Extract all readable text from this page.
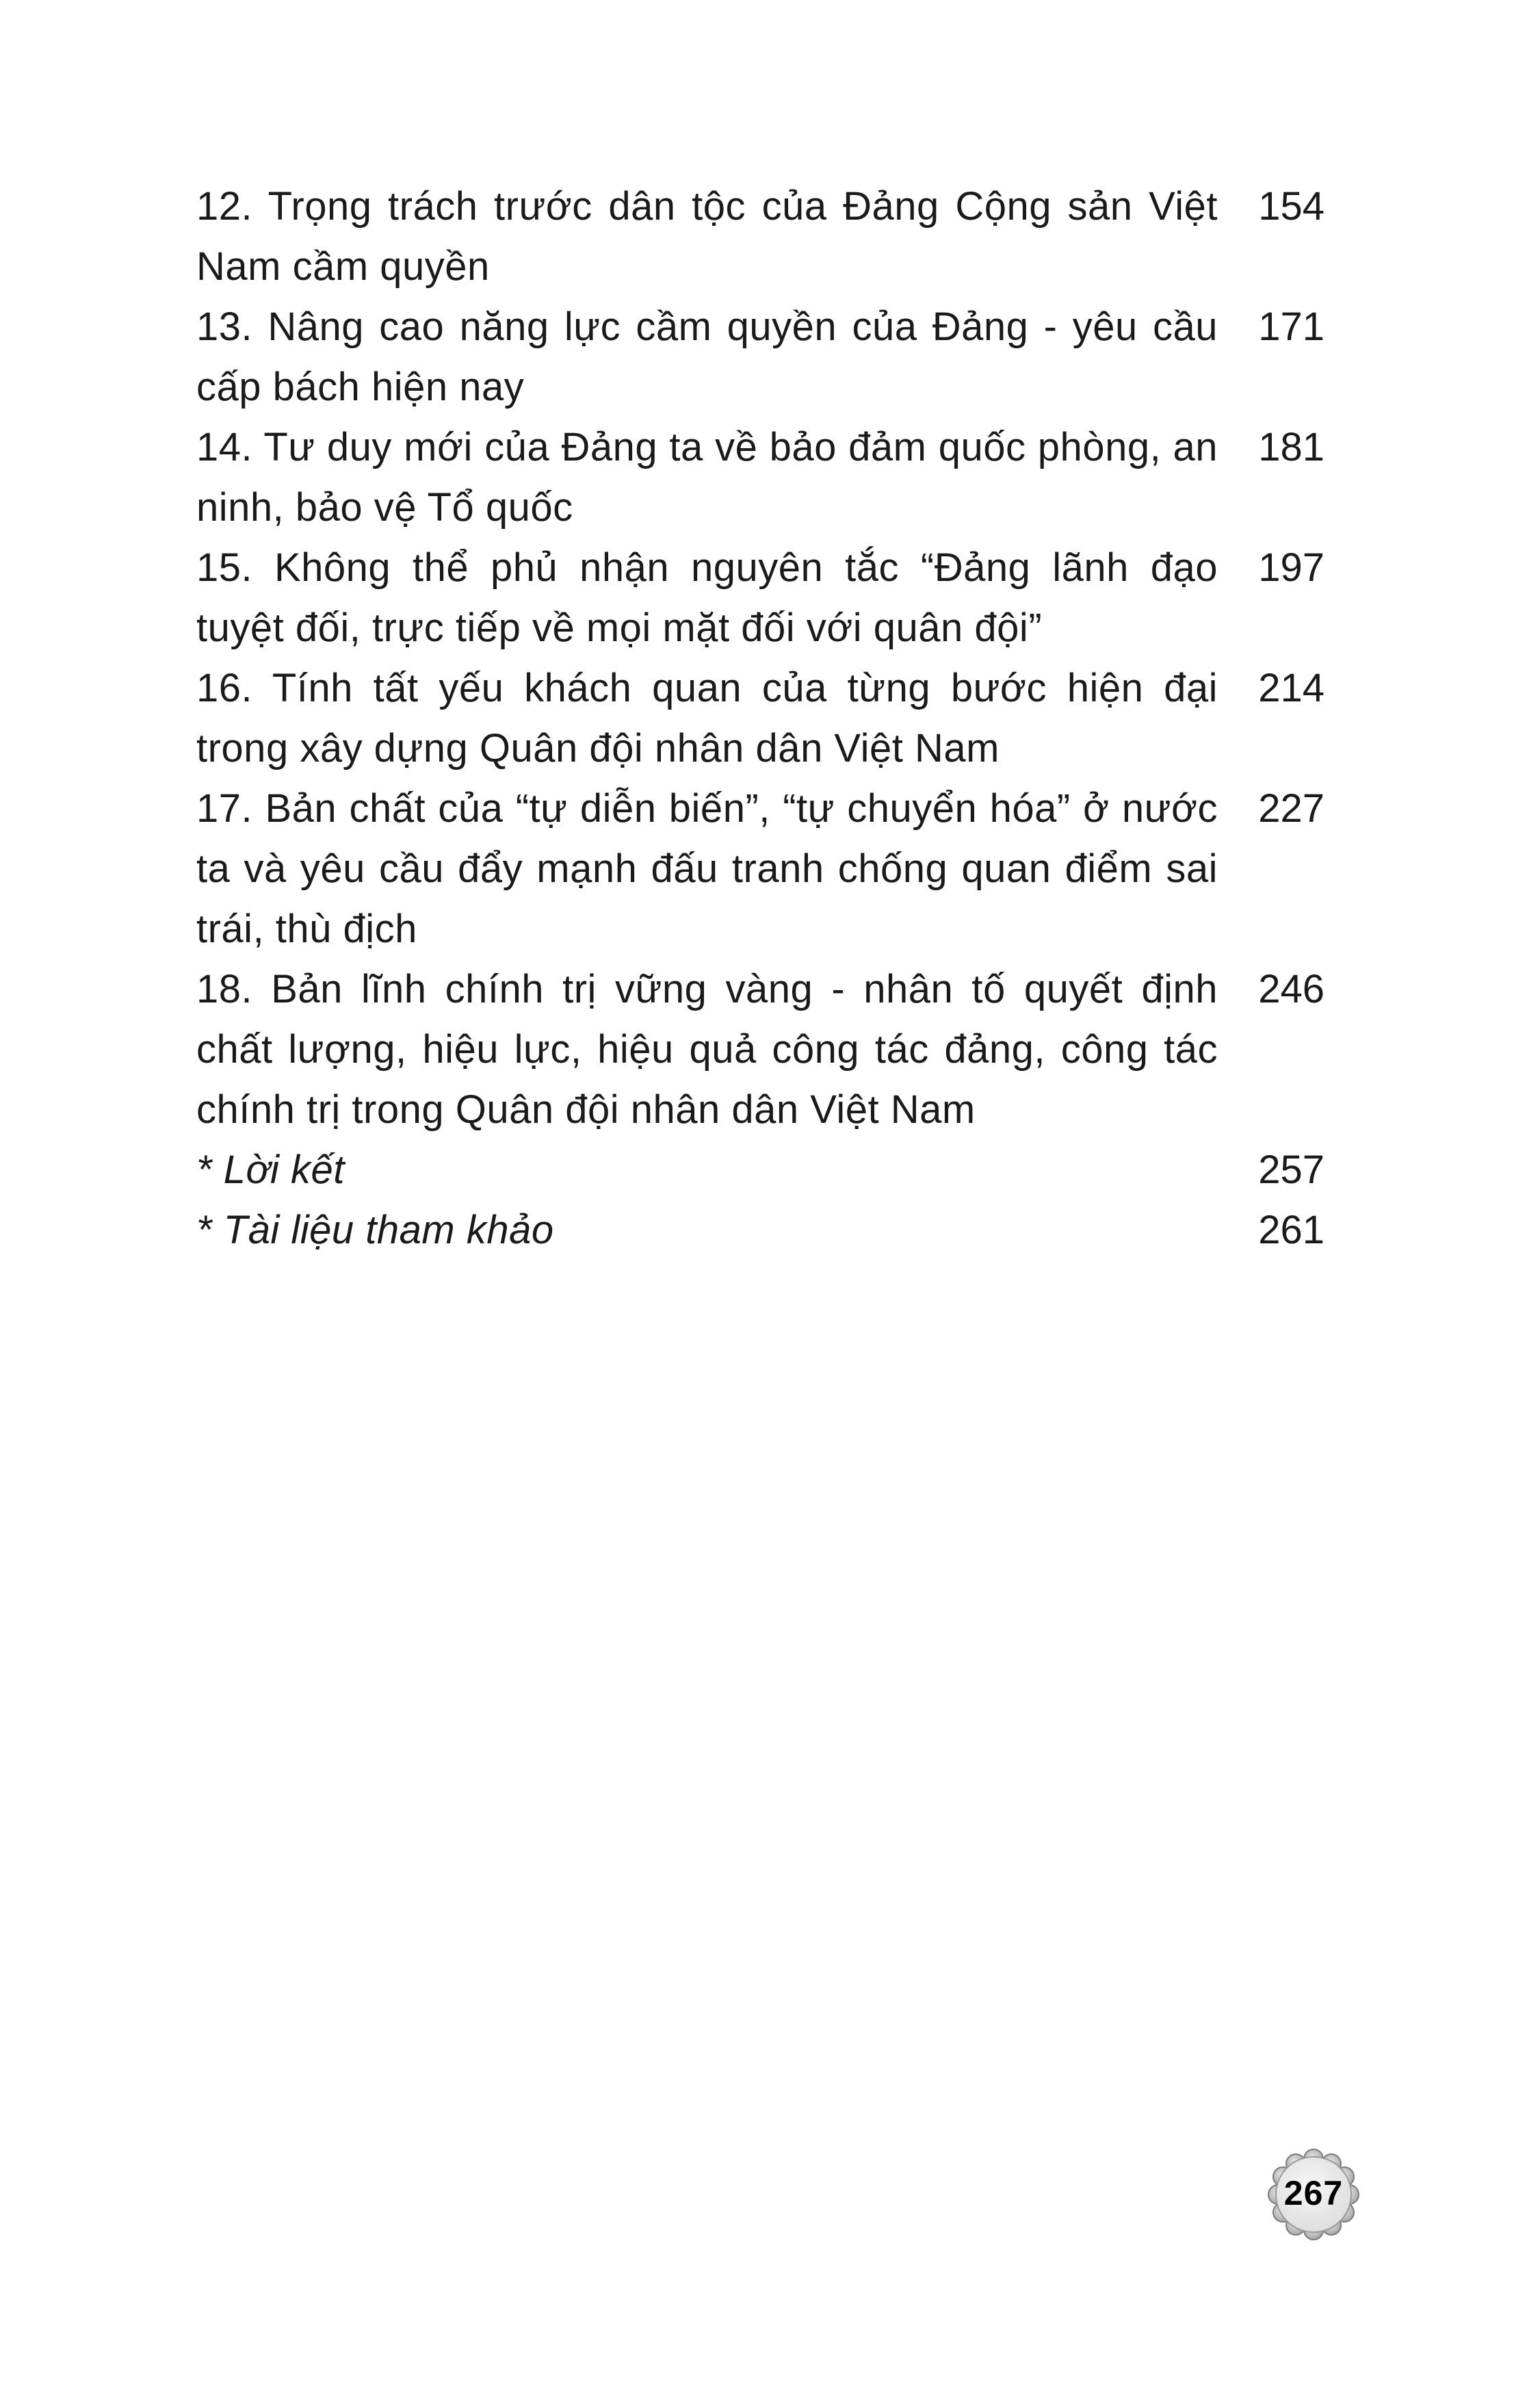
12. Trọng trách trước dân tộc của Đảng Cộng sản Việt Nam cầm quyền
154
13. Nâng cao năng lực cầm quyền của Đảng - yêu cầu cấp bách hiện nay
171
14. Tư duy mới của Đảng ta về bảo đảm quốc phòng, an ninh, bảo vệ Tổ quốc
181
15. Không thể phủ nhận nguyên tắc “Đảng lãnh đạo tuyệt đối, trực tiếp về mọi mặt đối với quân đội”
197
16. Tính tất yếu khách quan của từng bước hiện đại trong xây dựng Quân đội nhân dân Việt Nam
214
17. Bản chất của “tự diễn biến”, “tự chuyển hóa” ở nước ta và yêu cầu đẩy mạnh đấu tranh chống quan điểm sai trái, thù địch
227
18. Bản lĩnh chính trị vững vàng - nhân tố quyết định chất lượng, hiệu lực, hiệu quả công tác đảng, công tác chính trị trong Quân đội nhân dân Việt Nam
246
* Lời kết	257
* Tài liệu tham khảo	261
267
